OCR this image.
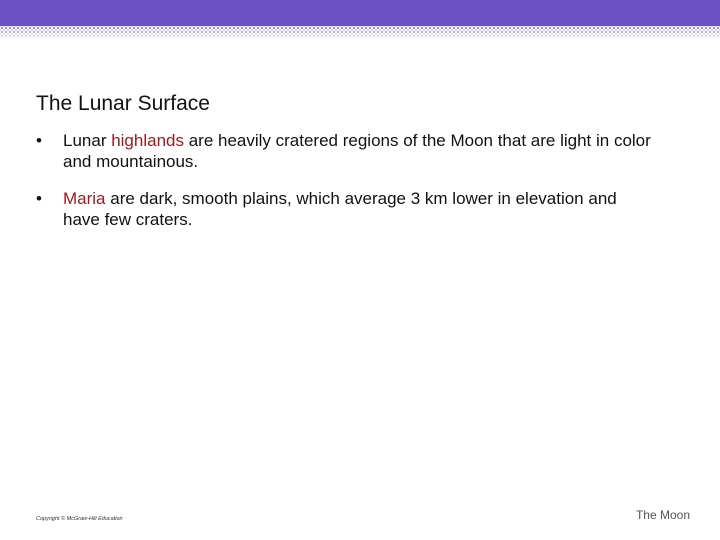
The Lunar Surface
• Lunar highlands are heavily cratered regions of the Moon that are light in color and mountainous.
• Maria are dark, smooth plains, which average 3 km lower in elevation and have few craters.
Copyright © McGraw-Hill Education	The Moon
